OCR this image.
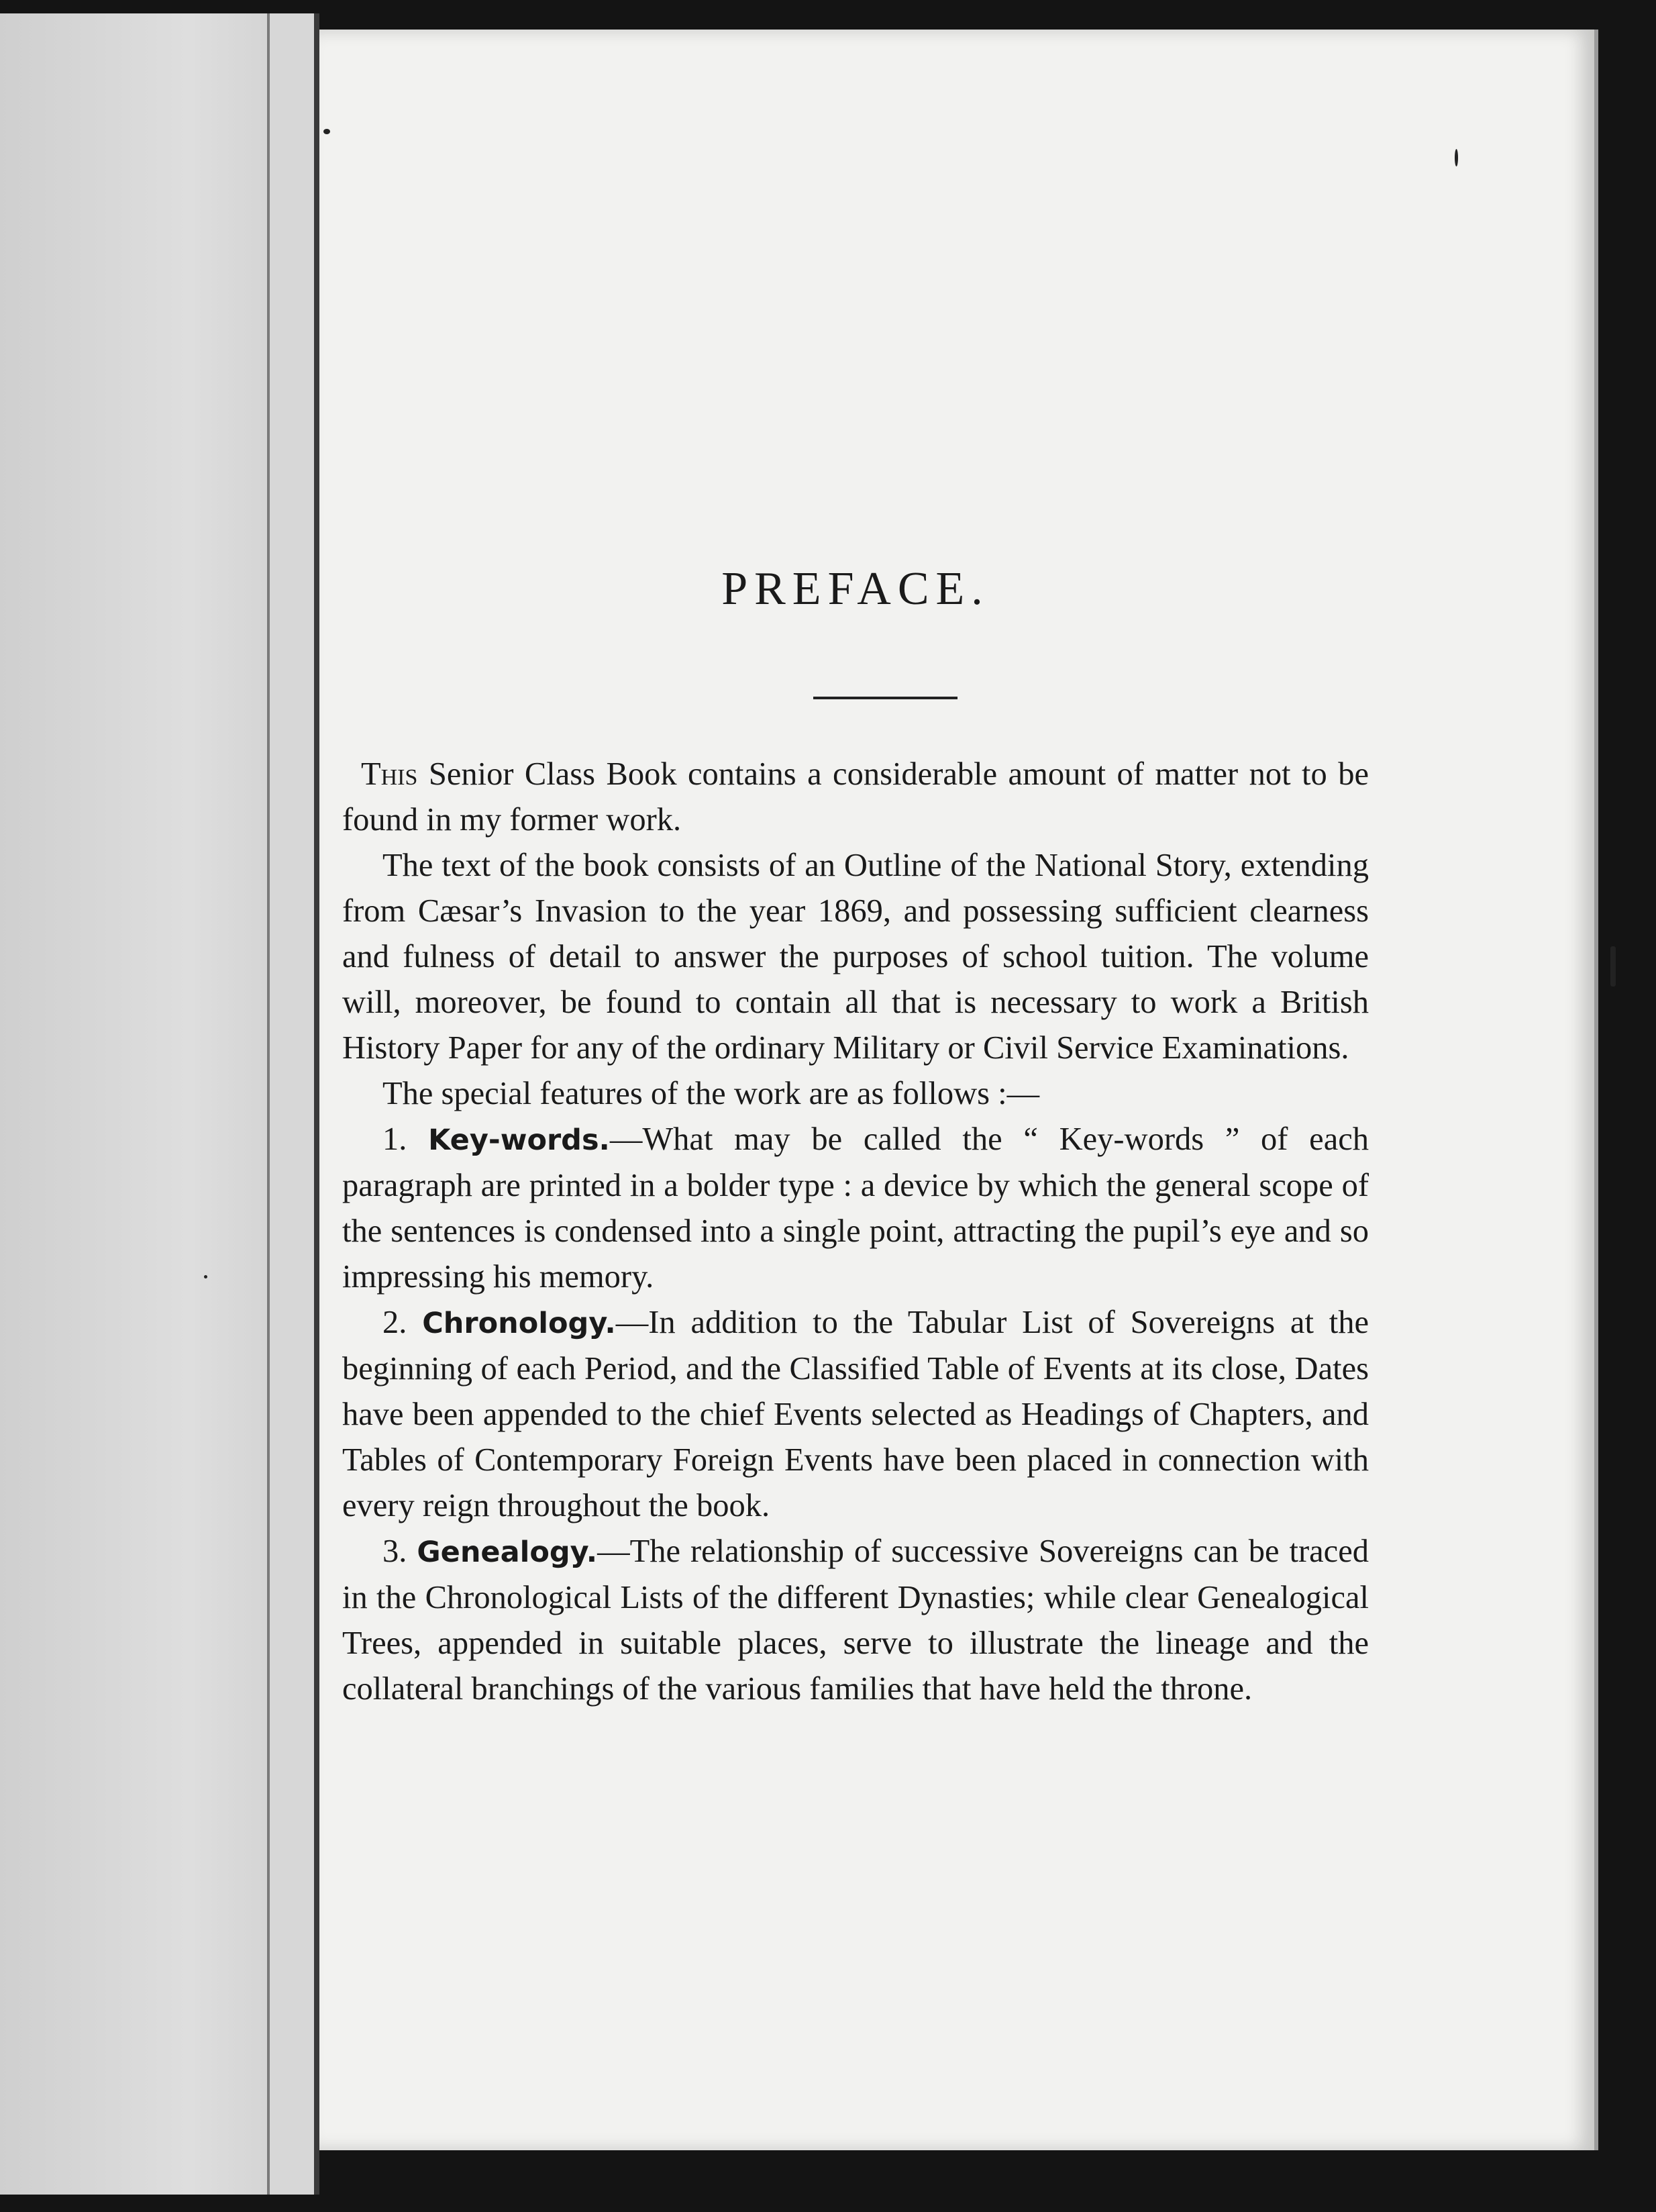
PREFACE.

This Senior Class Book contains a considerable amount of matter not to be found in my former work.

The text of the book consists of an Outline of the National Story, extending from Cæsar’s Invasion to the year 1869, and possessing sufficient clearness and fulness of detail to answer the purposes of school tuition. The volume will, moreover, be found to contain all that is necessary to work a British History Paper for any of the ordinary Military or Civil Service Examinations.

The special features of the work are as follows :—

1. Key-words.—What may be called the “ Key-words ” of each paragraph are printed in a bolder type : a device by which the general scope of the sentences is condensed into a single point, attracting the pupil’s eye and so impressing his memory.

2. Chronology.—In addition to the Tabular List of Sovereigns at the beginning of each Period, and the Classified Table of Events at its close, Dates have been appended to the chief Events selected as Headings of Chapters, and Tables of Contemporary Foreign Events have been placed in connection with every reign throughout the book.

3. Genealogy.—The relationship of successive Sovereigns can be traced in the Chronological Lists of the different Dynasties; while clear Genealogical Trees, appended in suitable places, serve to illustrate the lineage and the collateral branchings of the various families that have held the throne.
